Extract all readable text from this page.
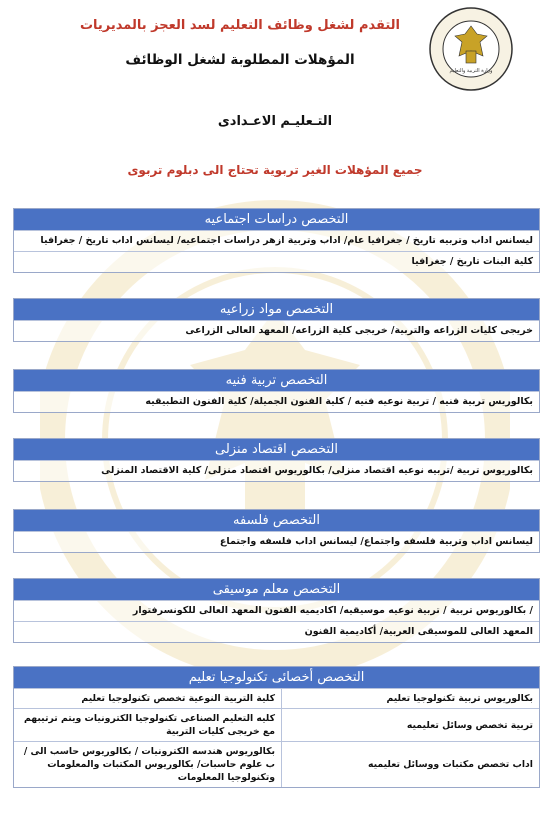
وزارة التربية والتعليم
التقدم لشغل وظائف التعليم لسد العجز بالمديريات
المؤهلات المطلوبة لشغل الوظائف
التـعليـم الاعـدادى
جميع المؤهلات الغير تربوية تحتاج الى دبلوم تربوى
التخصص دراسات اجتماعيه
ليسانس اداب وتربيه تاريخ / جغرافيا عام/ اداب وتربية ازهر دراسات اجتماعيه/ ليسانس اداب تاريخ / جغرافيا
كلية البنات تاريخ / جغرافيا
التخصص مواد زراعيه
خريجى كليات الزراعه والتربية/ خريجى كلية الزراعه/ المعهد العالى الزراعى
التخصص تربية فنيه
بكالوريس تربية فنيه / تربية نوعيه فنيه / كلية الفنون الجميلة/ كلية الفنون التطبيقيه
التخصص اقتصاد منزلى
بكالوريوس تربية /تربيه نوعيه اقتصاد منزلى/ بكالوريوس اقتصاد منزلى/ كلية الاقتصاد المنزلى
التخصص فلسفه
ليسانس اداب وتربية فلسفه واجتماع/ ليسانس اداب فلسفه واجتماع
التخصص معلم موسيقى
/ بكالوريوس تربية / تربية نوعيه موسيقيه/ اكاديميه الفنون المعهد العالى للكونسرفتوار
المعهد العالى للموسيقى العربية/ أكاديمية الفنون
التخصص أخصائى تكنولوجيا تعليم
بكالوريوس تربية تكنولوجيا تعليم
كلية التربية النوعية تخصص تكنولوجيا تعليم
تربية تخصص وسائل تعليميه
كليه التعليم الصناعى تكنولوجيا الكترونيات ويتم ترتيبهم مع خريجى كليات التربية
اداب تخصص مكتبات ووسائل تعليميه
بكالوريوس هندسه الكترونيات / بكالوريوس حاسب الى / ب علوم حاسبات/ بكالوريوس المكتبات والمعلومات وتكنولوجيا المعلومات
